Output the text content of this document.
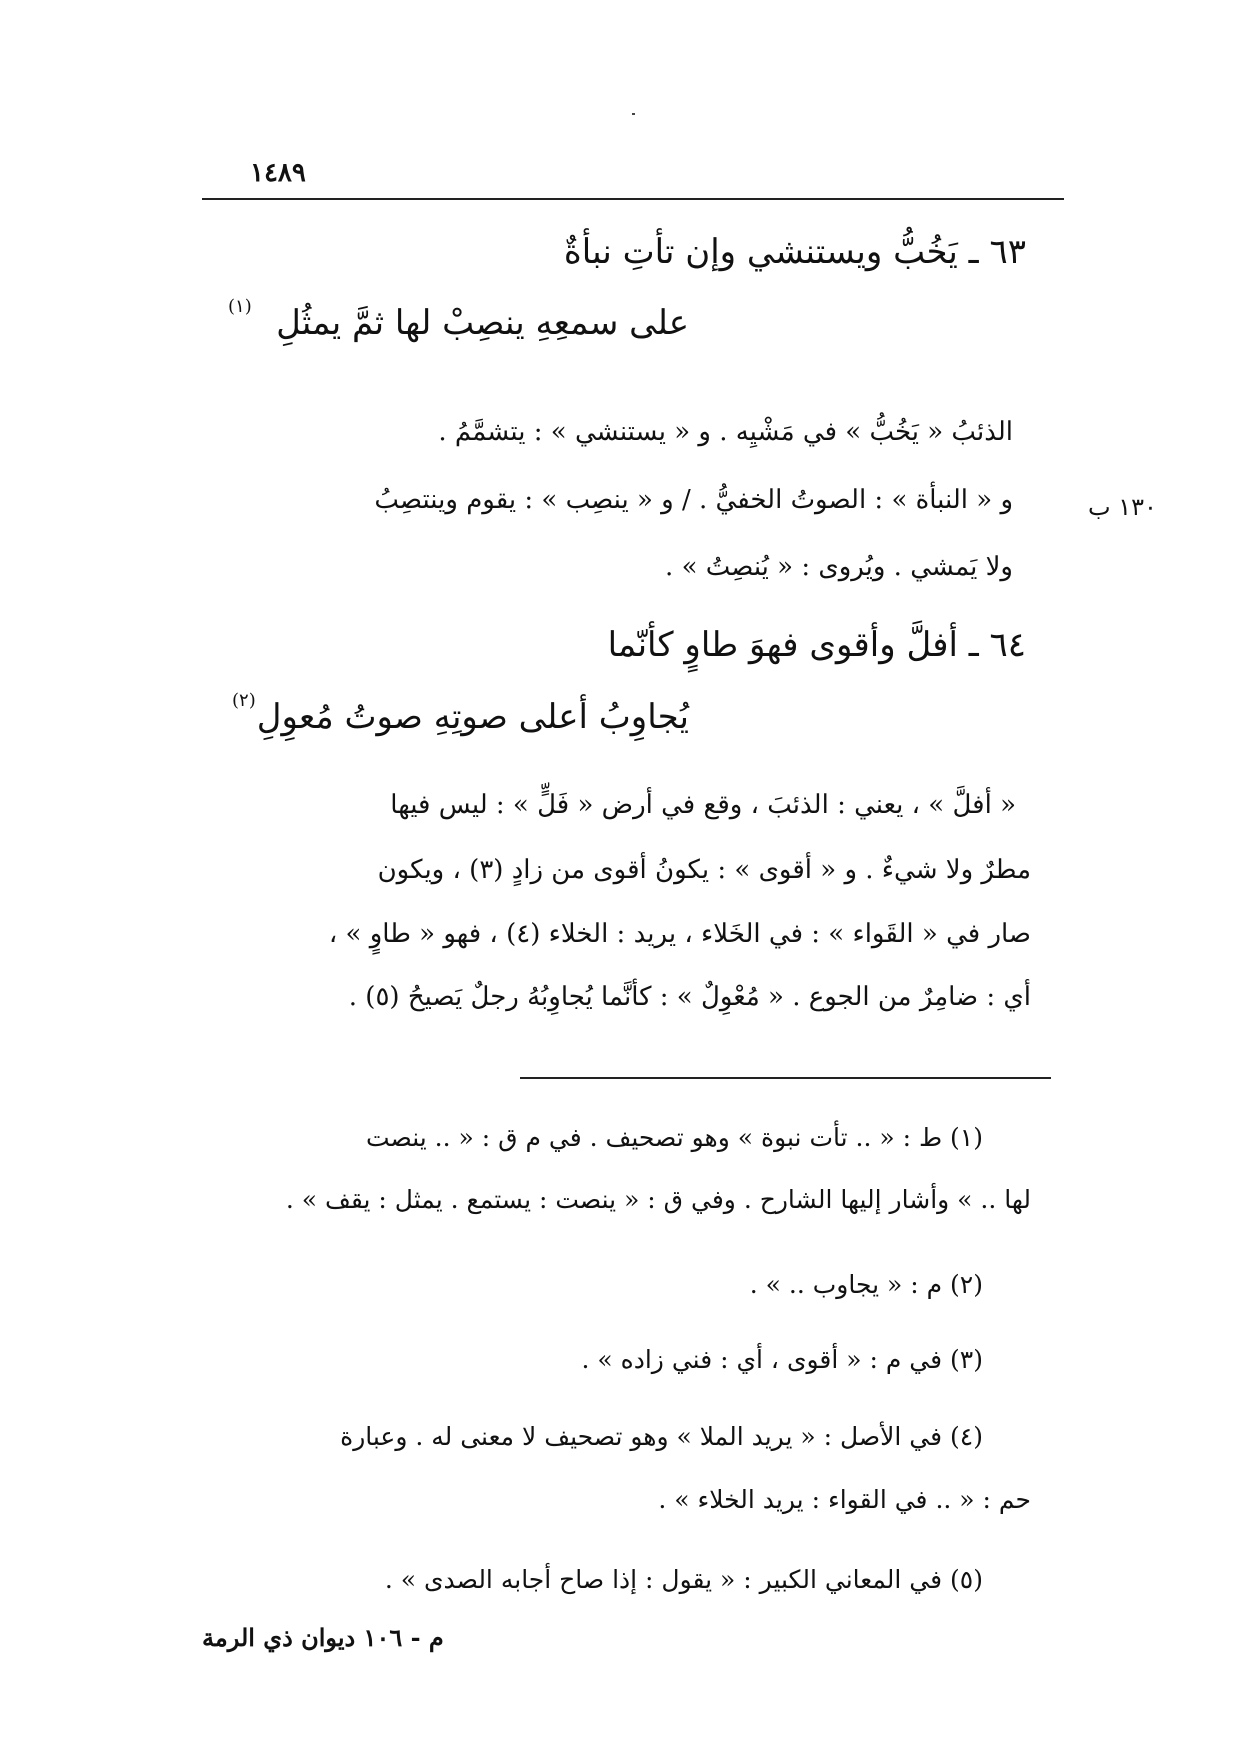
١٤٨٩
٦٣ ـ يَخُبُّ ويستنشي وإن تأتِ نبأةٌ
على سمعِهِ ينصِبْ لها ثمَّ يمثُلِ
(١)
الذئبُ « يَخُبُّ » في مَشْيِه . و « يستنشي » : يتشمَّمُ .
و « النبأة » : الصوتُ الخفيُّ . / و « ينصِب » : يقوم وينتصِبُ
ولا يَمشي . ويُروى : « يُنصِتُ » .
١٣٠ ب
٦٤ ـ أفلَّ وأقوى فهوَ طاوٍ كأنّما
يُجاوِبُ أعلى صوتِهِ صوتُ مُعوِلِ
(٢)
« أفلَّ » ، يعني : الذئبَ ، وقع في أرض « فَلٍّ » : ليس فيها
مطرٌ ولا شيءٌ . و « أقوى » : يكونُ أقوى من زادٍ (٣) ، ويكون
صار في « القَواء » : في الخَلاء ، يريد : الخلاء (٤) ، فهو « طاوٍ » ،
أي : ضامِرٌ من الجوع . « مُعْوِلٌ » : كأنَّما يُجاوِبُهُ رجلٌ يَصيحُ (٥) .
(١) ط : « .. تأت نبوة » وهو تصحيف . في م ق : « .. ينصت
لها .. » وأشار إليها الشارح . وفي ق : « ينصت : يستمع . يمثل : يقف » .
(٢) م : « يجاوب .. » .
(٣) في م : « أقوى ، أي : فني زاده » .
(٤) في الأصل : « يريد الملا » وهو تصحيف لا معنى له . وعبارة
حم : « .. في القواء : يريد الخلاء » .
(٥) في المعاني الكبير : « يقول : إذا صاح أجابه الصدى » .
م - ١٠٦ ديوان ذي الرمة
